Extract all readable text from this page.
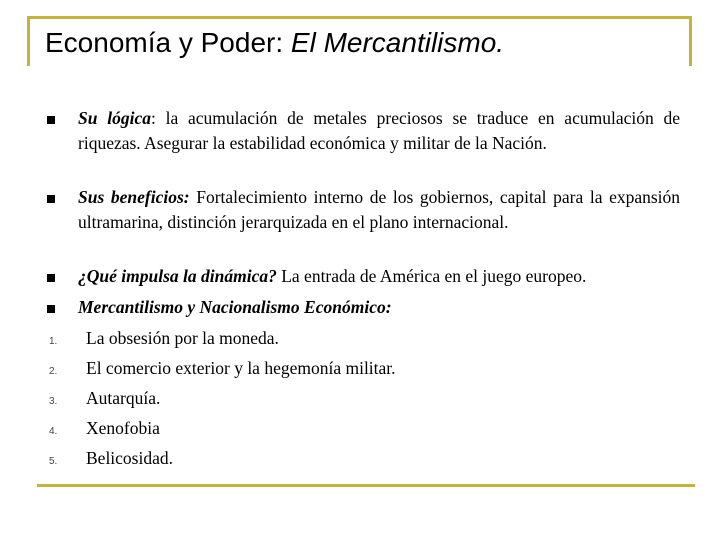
Economía y Poder: El Mercantilismo.
Su lógica: la acumulación de metales preciosos se traduce en acumulación de riquezas. Asegurar la estabilidad económica y militar de la Nación.
Sus beneficios: Fortalecimiento interno de los gobiernos, capital para la expansión ultramarina, distinción jerarquizada en el plano internacional.
¿Qué impulsa la dinámica? La entrada de América en el juego europeo.
Mercantilismo y Nacionalismo Económico:
1. La obsesión por la moneda.
2. El comercio exterior y la hegemonía militar.
3. Autarquía.
4. Xenofobia
5. Belicosidad.
